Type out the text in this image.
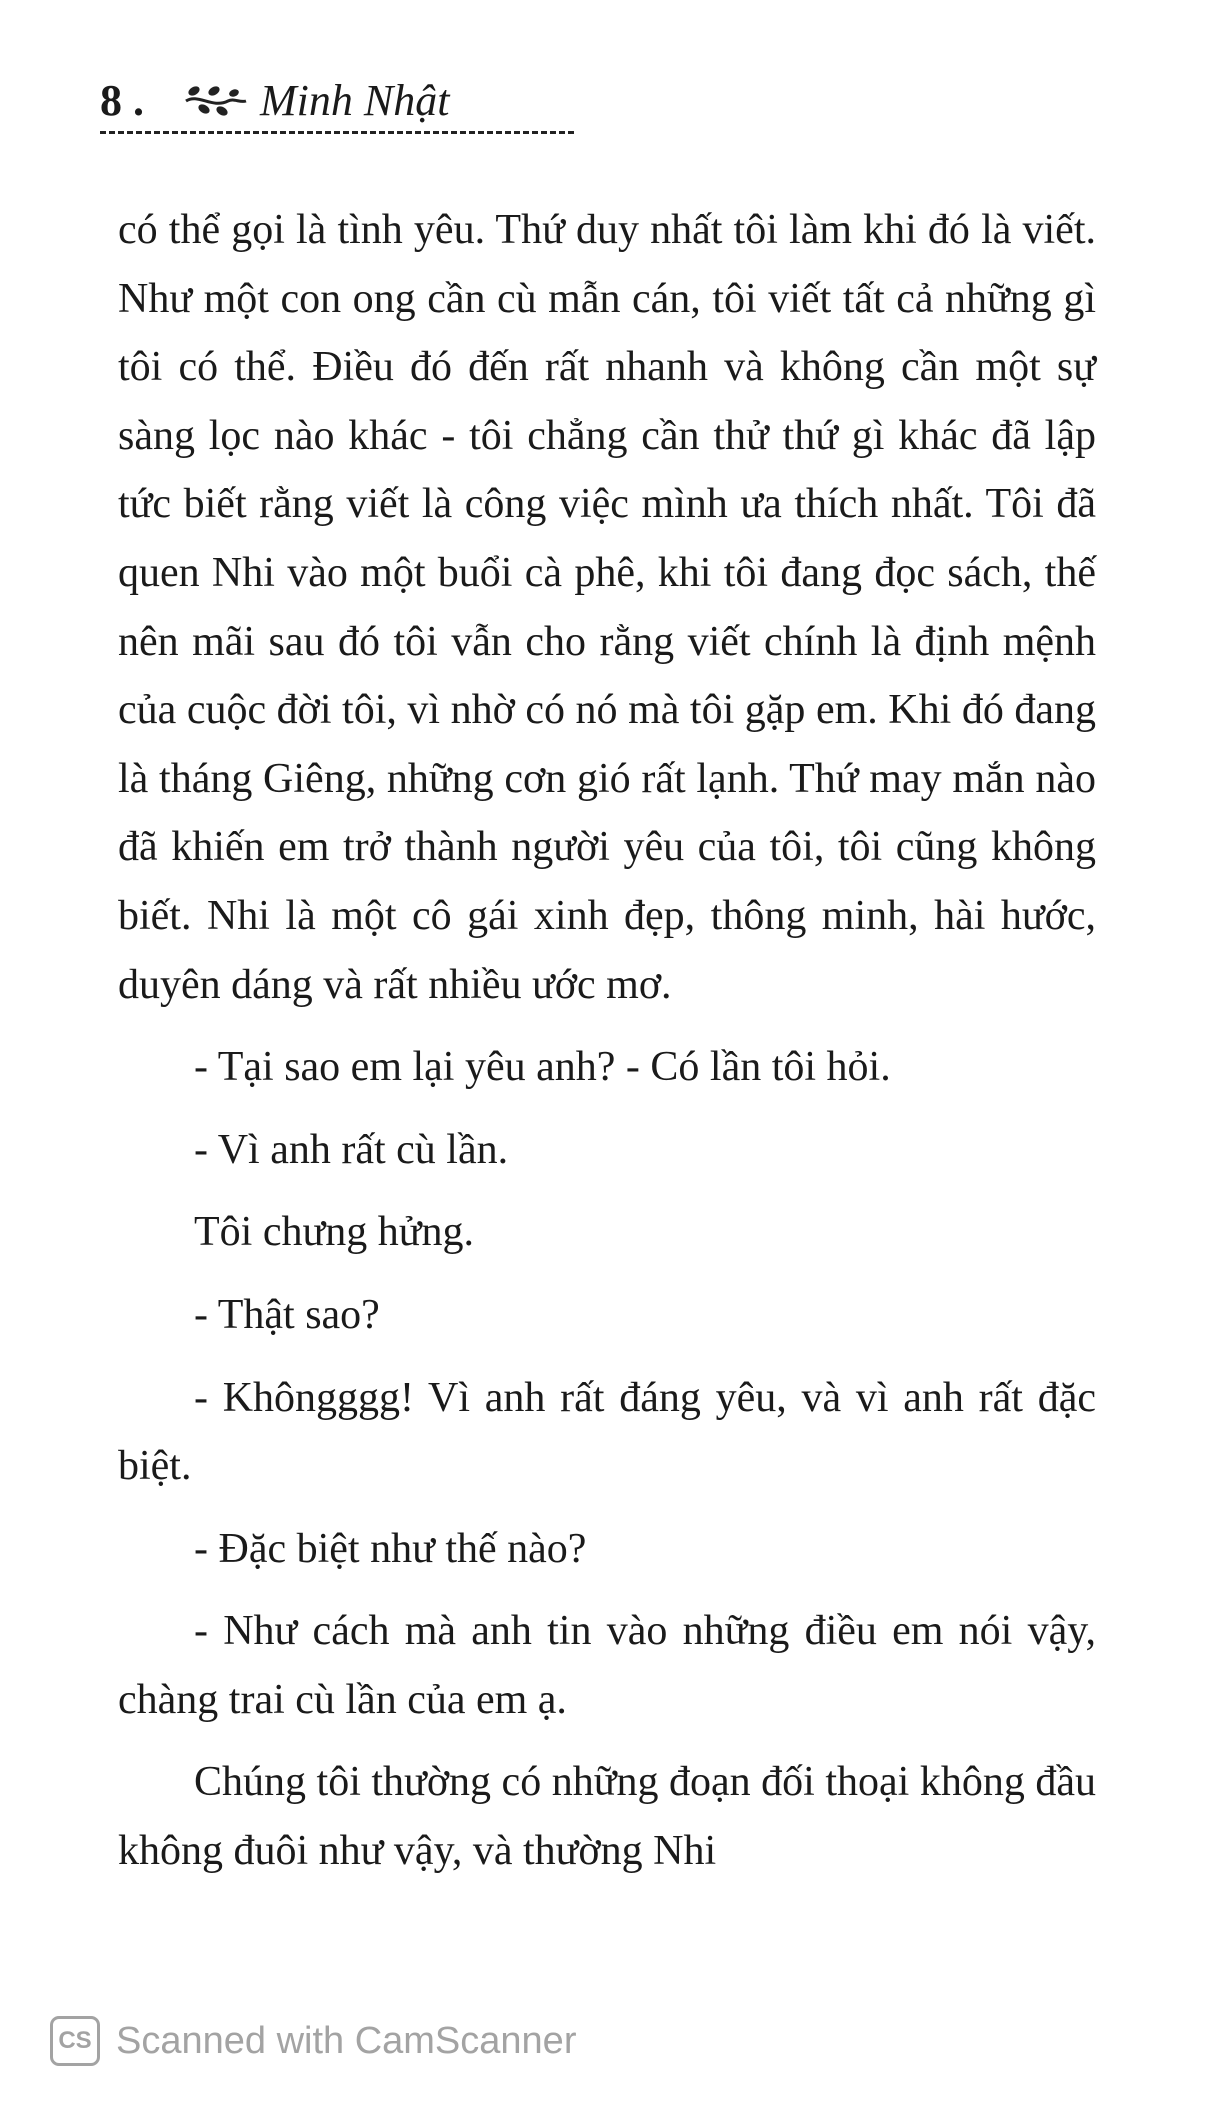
8 .	Minh Nhật

có thể gọi là tình yêu. Thứ duy nhất tôi làm khi đó là viết. Như một con ong cần cù mẫn cán, tôi viết tất cả những gì tôi có thể. Điều đó đến rất nhanh và không cần một sự sàng lọc nào khác - tôi chẳng cần thử thứ gì khác đã lập tức biết rằng viết là công việc mình ưa thích nhất. Tôi đã quen Nhi vào một buổi cà phê, khi tôi đang đọc sách, thế nên mãi sau đó tôi vẫn cho rằng viết chính là định mệnh của cuộc đời tôi, vì nhờ có nó mà tôi gặp em. Khi đó đang là tháng Giêng, những cơn gió rất lạnh. Thứ may mắn nào đã khiến em trở thành người yêu của tôi, tôi cũng không biết. Nhi là một cô gái xinh đẹp, thông minh, hài hước, duyên dáng và rất nhiều ước mơ.

- Tại sao em lại yêu anh? - Có lần tôi hỏi.

- Vì anh rất cù lần.

Tôi chưng hửng.

- Thật sao?

- Khôngggg! Vì anh rất đáng yêu, và vì anh rất đặc biệt.

- Đặc biệt như thế nào?

- Như cách mà anh tin vào những điều em nói vậy, chàng trai cù lần của em ạ.

Chúng tôi thường có những đoạn đối thoại không đầu không đuôi như vậy, và thường Nhi

CS Scanned with CamScanner
